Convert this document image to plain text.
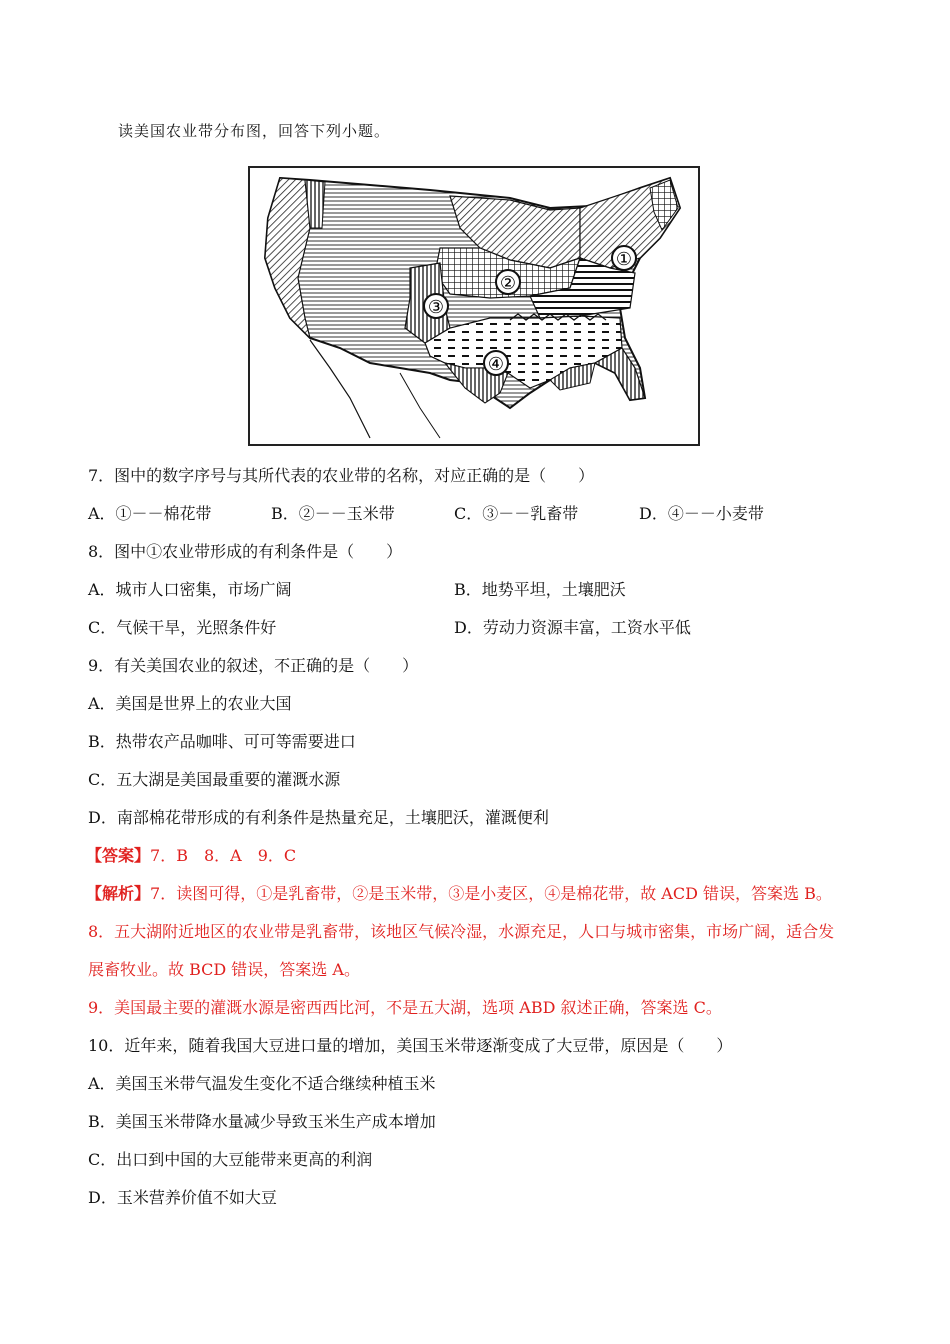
读美国农业带分布图，回答下列小题。
①
②
③
④
7．图中的数字序号与其所代表的农业带的名称，对应正确的是（　　）
A．①－－棉花带	B．②－－玉米带	C．③－－乳畜带	D．④－－小麦带
8．图中①农业带形成的有利条件是（　　）
A．城市人口密集，市场广阔	B．地势平坦，土壤肥沃
C．气候干旱，光照条件好	D．劳动力资源丰富，工资水平低
9．有关美国农业的叙述，不正确的是（　　）
A．美国是世界上的农业大国
B．热带农产品咖啡、可可等需要进口
C．五大湖是美国最重要的灌溉水源
D．南部棉花带形成的有利条件是热量充足，土壤肥沃，灌溉便利
【答案】7．B　8．A　9．C
【解析】7．读图可得，①是乳畜带，②是玉米带，③是小麦区，④是棉花带，故 ACD 错误，答案选 B。
8．五大湖附近地区的农业带是乳畜带，该地区气候冷湿，水源充足，人口与城市密集，市场广阔，适合发
展畜牧业。故 BCD 错误，答案选 A。
9．美国最主要的灌溉水源是密西西比河，不是五大湖，选项 ABD 叙述正确，答案选 C。
10．近年来，随着我国大豆进口量的增加，美国玉米带逐渐变成了大豆带，原因是（　　）
A．美国玉米带气温发生变化不适合继续种植玉米
B．美国玉米带降水量减少导致玉米生产成本增加
C．出口到中国的大豆能带来更高的利润
D．玉米营养价值不如大豆
